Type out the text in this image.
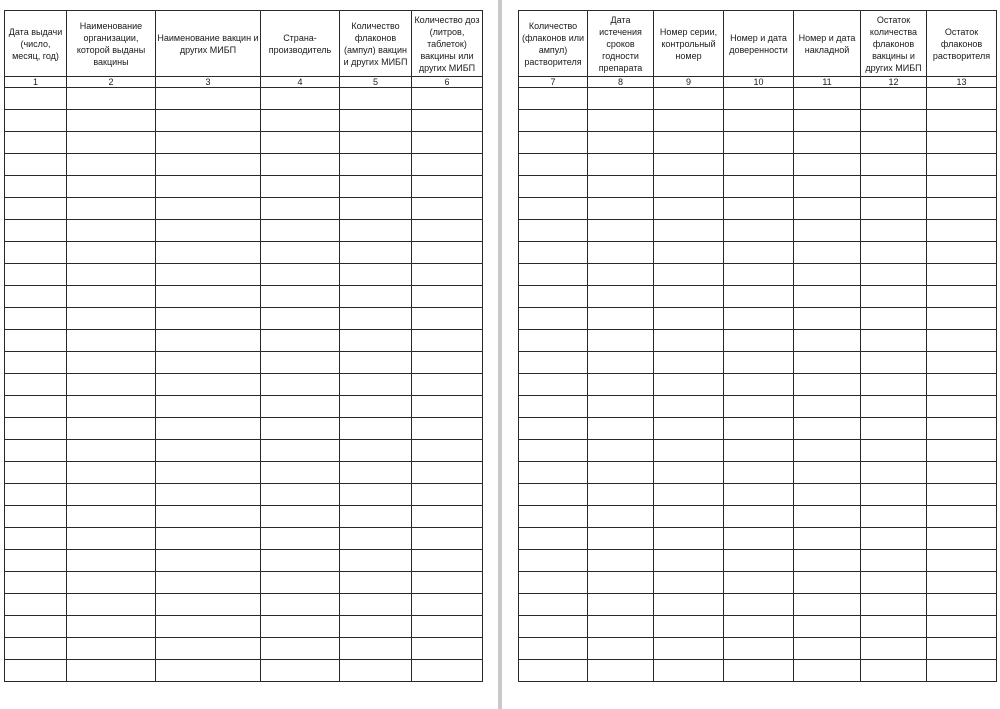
Дата выдачи (число, месяц, год)	Наименование организации, которой выданы вакцины	Наименование вакцин и других МИБП	Страна-производитель	Количество флаконов (ампул) вакцин и других МИБП	Количество доз (литров, таблеток) вакцины или других МИБП
1	2	3	4	5	6

Количество (флаконов или ампул) растворителя	Дата истечения сроков годности препарата	Номер серии, контрольный номер	Номер и дата доверенности	Номер и дата накладной	Остаток количества флаконов вакцины и других МИБП	Остаток флаконов растворителя
7	8	9	10	11	12	13
